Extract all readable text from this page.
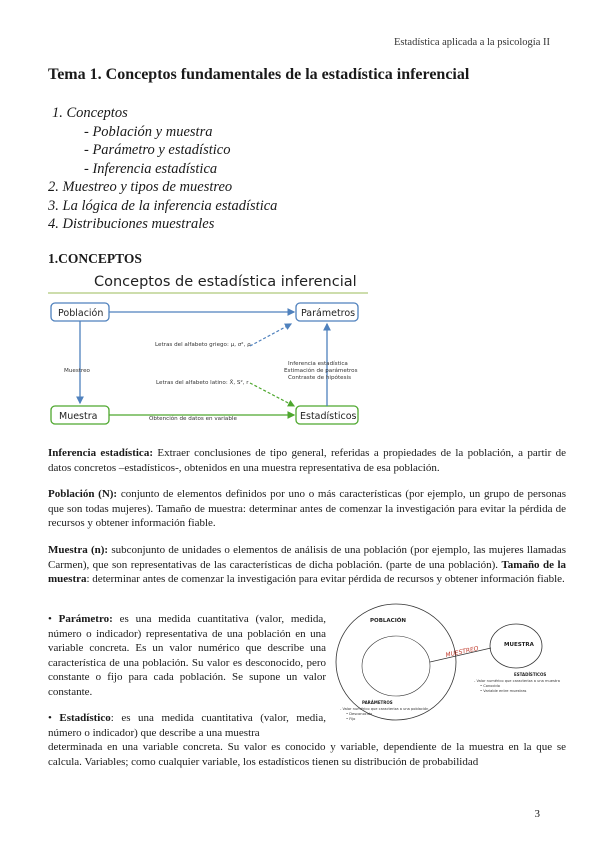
Estadística aplicada a la psicología II
Tema 1. Conceptos fundamentales de la estadística inferencial
1. Conceptos
- Población y muestra
- Parámetro y estadístico
- Inferencia estadística
2. Muestreo y tipos de muestreo
3. La lógica de la inferencia estadística
4. Distribuciones muestrales
1.CONCEPTOS
Conceptos de estadística inferencial
Población	Parámetros
Muestra	Estadísticos
Letras del alfabeto griego: μ, σ², ρ
Muestreo
Inferencia estadística
Estimación de parámetros
Contraste de hipótesis
Letras del alfabeto latino: X̄, S², r
Obtención de datos en variable
Inferencia estadística: Extraer conclusiones de tipo general, referidas a propiedades de la población, a partir de datos concretos –estadísticos-, obtenidos en una muestra representativa de esa población.
Población (N): conjunto de elementos definidos por uno o más características (por ejemplo, un grupo de personas que son todas mujeres). Tamaño de muestra: determinar antes de comenzar la investigación para evitar la pérdida de recursos y obtener información fiable.
Muestra (n): subconjunto de unidades o elementos de análisis de una población (por ejemplo, las mujeres llamadas Carmen), que son representativas de las características de dicha población. (parte de una población). Tamaño de la muestra: determinar antes de comenzar la investigación para evitar pérdida de recursos y obtener información fiable.
• Parámetro: es una medida cuantitativa (valor, medida, número o indicador) representativa de una población en una variable concreta. Es un valor numérico que describe una característica de una población. Su valor es desconocido, pero constante o fijo para cada población. Se supone un valor constante.
• Estadístico: es una medida cuantitativa (valor, media, número o indicador) que describe a una muestra
determinada en una variable concreta. Su valor es conocido y variable, dependiente de la muestra en la que se calcula. Variables; como cualquier variable, los estadísticos tienen su distribución de probabilidad
POBLACIÓN
MUESTRA
MUESTREO
ESTADÍSTICOS
- Valor numérico que caracteriza a una muestra
• Conocido
• Variable entre muestras
PARÁMETROS
- Valor numérico que caracteriza a una población
• Desconocido
• Fijo
3
